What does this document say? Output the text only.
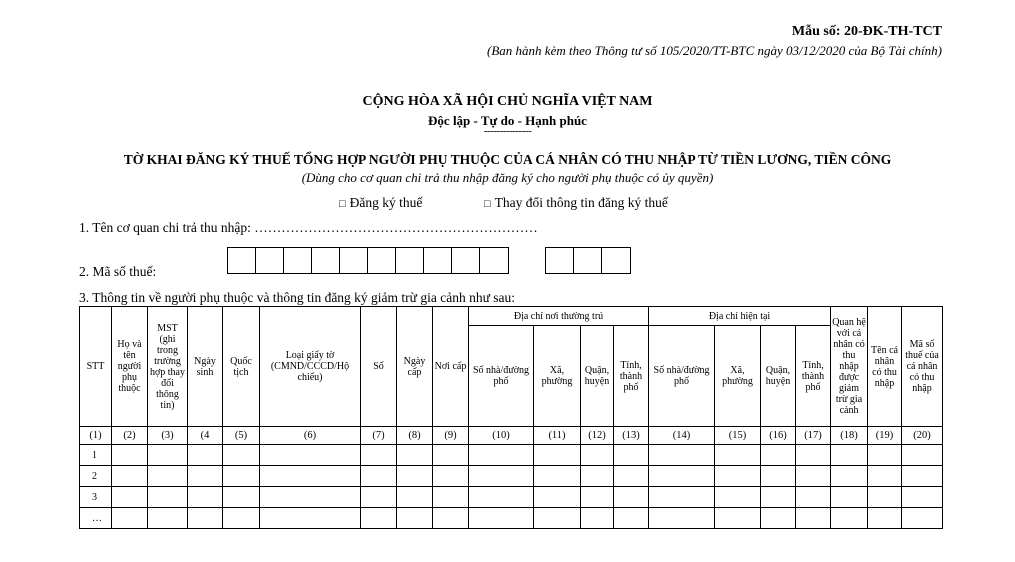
Mẫu số: 20-ĐK-TH-TCT
(Ban hành kèm theo Thông tư số 105/2020/TT-BTC ngày 03/12/2020 của Bộ Tài chính)
CỘNG HÒA XÃ HỘI CHỦ NGHĨA VIỆT NAM
Độc lập - Tự do - Hạnh phúc
---------------
TỜ KHAI ĐĂNG KÝ THUẾ TỔNG HỢP NGƯỜI PHỤ THUỘC CỦA CÁ NHÂN CÓ THU NHẬP TỪ TIỀN LƯƠNG, TIỀN CÔNG
(Dùng cho cơ quan chi trả thu nhập đăng ký cho người phụ thuộc có ủy quyền)
□ Đăng ký thuế	□ Thay đổi thông tin đăng ký thuế
1. Tên cơ quan chi trả thu nhập: ………………………………………………………
2. Mã số thuế:
3. Thông tin về người phụ thuộc và thông tin đăng ký giảm trừ gia cảnh như sau:
STT	Họ và tên người phụ thuộc	MST (ghi trong trường hợp thay đổi thông tin)	Ngày sinh	Quốc tịch	Loại giấy tờ (CMND/CCCD/Hộ chiếu)	Số	Ngày cấp	Nơi cấp	Địa chỉ nơi thường trú				Địa chỉ hiện tại				Quan hệ với cá nhân có thu nhập được giảm trừ gia cảnh	Tên cá nhân có thu nhập	Mã số thuế của cá nhân có thu nhập
									Số nhà/đường phố	Xã, phường	Quận, huyện	Tỉnh, thành phố	Số nhà/đường phố	Xã, phường	Quận, huyện	Tỉnh, thành phố			
(1)	(2)	(3)	(4	(5)	(6)	(7)	(8)	(9)	(10)	(11)	(12)	(13)	(14)	(15)	(16)	(17)	(18)	(19)	(20)
1																			
2																			
3																			
…																			
